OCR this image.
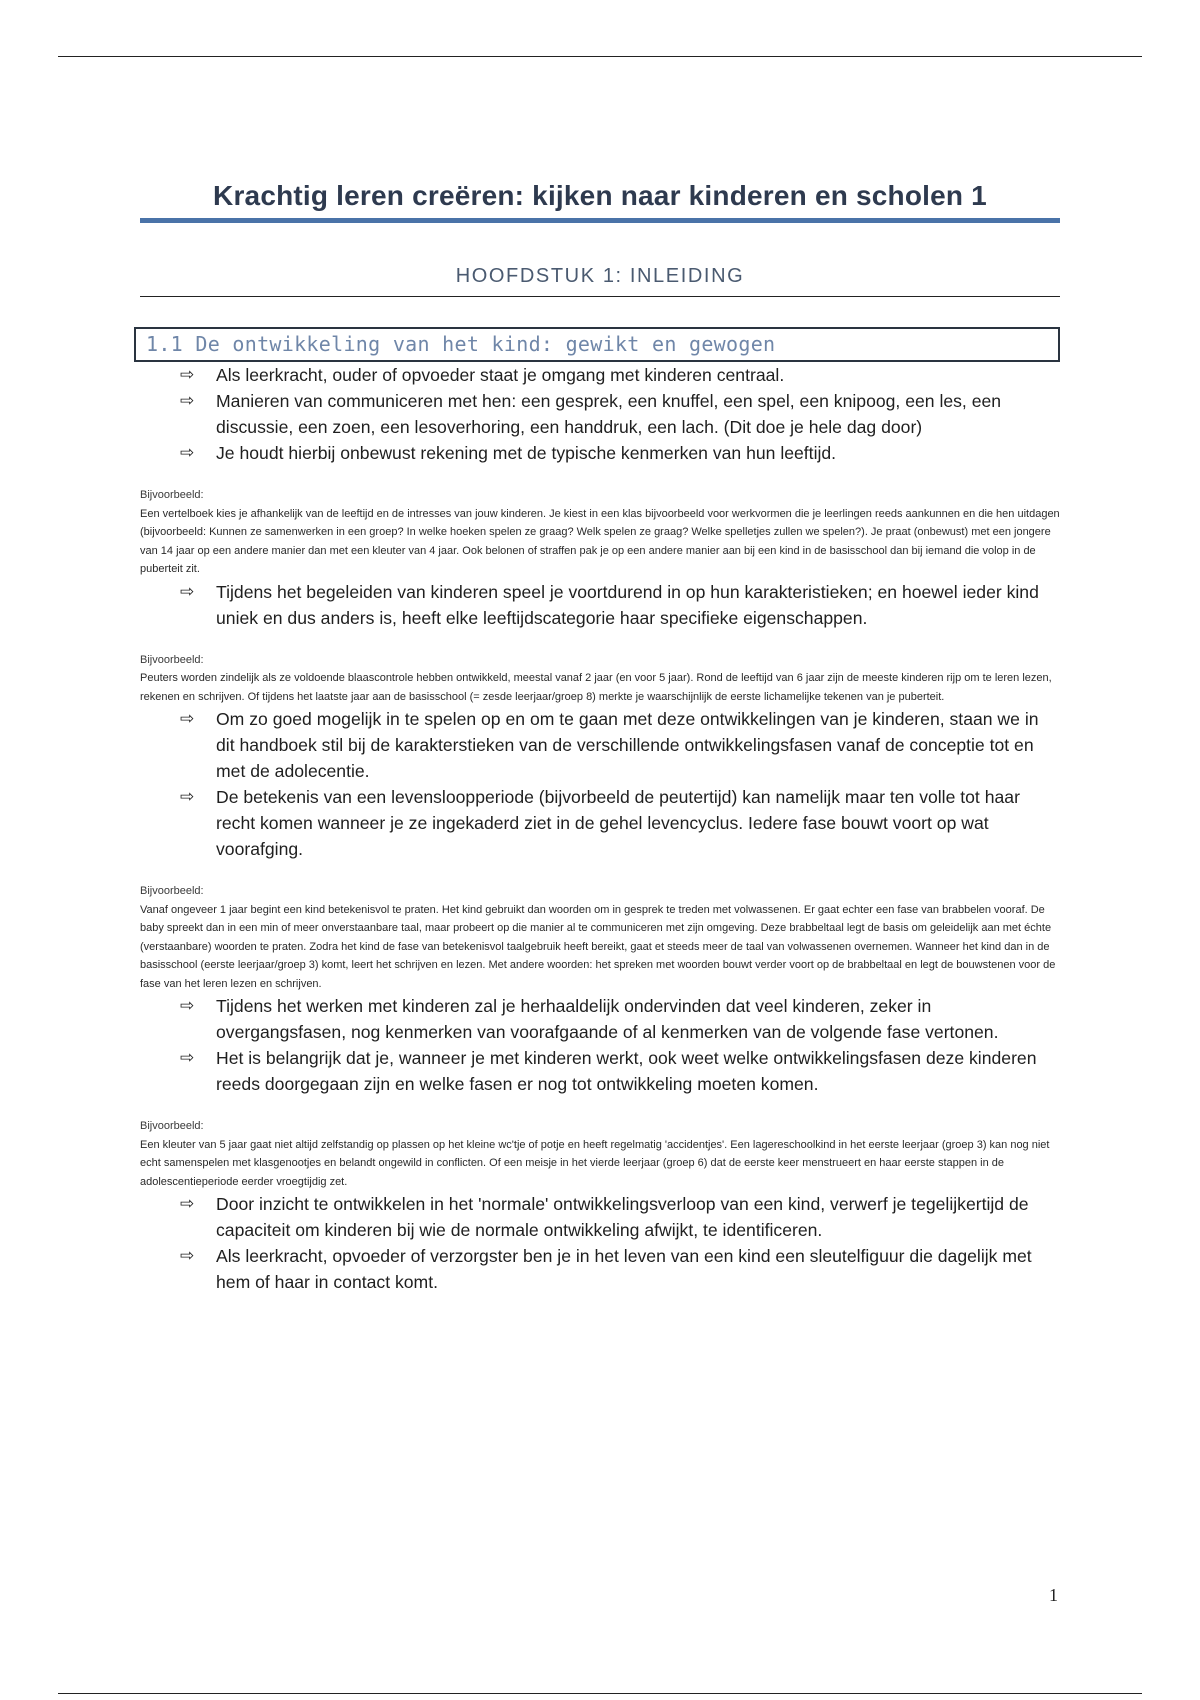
Krachtig leren creëren: kijken naar kinderen en scholen 1
HOOFDSTUK 1: INLEIDING
1.1 De ontwikkeling van het kind: gewikt en gewogen
⇨ Als leerkracht, ouder of opvoeder staat je omgang met kinderen centraal.
⇨ Manieren van communiceren met hen: een gesprek, een knuffel, een spel, een knipoog, een les, een discussie, een zoen, een lesoverhoring, een handdruk, een lach. (Dit doe je hele dag door)
⇨ Je houdt hierbij onbewust rekening met de typische kenmerken van hun leeftijd.
Bijvoorbeeld:
Een vertelboek kies je afhankelijk van de leeftijd en de intresses van jouw kinderen. Je kiest in een klas bijvoorbeeld voor werkvormen die je leerlingen reeds aankunnen en die hen uitdagen (bijvoorbeeld: Kunnen ze samenwerken in een groep? In welke hoeken spelen ze graag? Welk spelen ze graag? Welke spelletjes zullen we spelen?). Je praat (onbewust) met een jongere van 14 jaar op een andere manier dan met een kleuter van 4 jaar. Ook belonen of straffen pak je op een andere manier aan bij een kind in de basisschool dan bij iemand die volop in de puberteit zit.
⇨ Tijdens het begeleiden van kinderen speel je voortdurend in op hun karakteristieken; en hoewel ieder kind uniek en dus anders is, heeft elke leeftijdscategorie haar specifieke eigenschappen.
Bijvoorbeeld:
Peuters worden zindelijk als ze voldoende blaascontrole hebben ontwikkeld, meestal vanaf 2 jaar (en voor 5 jaar). Rond de leeftijd van 6 jaar zijn de meeste kinderen rijp om te leren lezen, rekenen en schrijven. Of tijdens het laatste jaar aan de basisschool (= zesde leerjaar/groep 8) merkte je waarschijnlijk de eerste lichamelijke tekenen van je puberteit.
⇨ Om zo goed mogelijk in te spelen op en om te gaan met deze ontwikkelingen van je kinderen, staan we in dit handboek stil bij de karakterstieken van de verschillende ontwikkelingsfasen vanaf de conceptie tot en met de adolecentie.
⇨ De betekenis van een levensloopperiode (bijvorbeeld de peutertijd) kan namelijk maar ten volle tot haar recht komen wanneer je ze ingekaderd ziet in de gehel levencyclus. Iedere fase bouwt voort op wat voorafging.
Bijvoorbeeld:
Vanaf ongeveer 1 jaar begint een kind betekenisvol te praten. Het kind gebruikt dan woorden om in gesprek te treden met volwassenen. Er gaat echter een fase van brabbelen vooraf. De baby spreekt dan in een min of meer onverstaanbare taal, maar probeert op die manier al te communiceren met zijn omgeving. Deze brabbeltaal legt de basis om geleidelijk aan met échte (verstaanbare) woorden te praten. Zodra het kind de fase van betekenisvol taalgebruik heeft bereikt, gaat et steeds meer de taal van volwassenen overnemen. Wanneer het kind dan in de basisschool (eerste leerjaar/groep 3) komt, leert het schrijven en lezen. Met andere woorden: het spreken met woorden bouwt verder voort op de brabbeltaal en legt de bouwstenen voor de fase van het leren lezen en schrijven.
⇨ Tijdens het werken met kinderen zal je herhaaldelijk ondervinden dat veel kinderen, zeker in overgangsfasen, nog kenmerken van voorafgaande of al kenmerken van de volgende fase vertonen.
⇨ Het is belangrijk dat je, wanneer je met kinderen werkt, ook weet welke ontwikkelingsfasen deze kinderen reeds doorgegaan zijn en welke fasen er nog tot ontwikkeling moeten komen.
Bijvoorbeeld:
Een kleuter van 5 jaar gaat niet altijd zelfstandig op plassen op het kleine wc'tje of potje en heeft regelmatig 'accidentjes'. Een lagereschoolkind in het eerste leerjaar (groep 3) kan nog niet echt samenspelen met klasgenootjes en belandt ongewild in conflicten. Of een meisje in het vierde leerjaar (groep 6) dat de eerste keer menstrueert en haar eerste stappen in de adolescentieperiode eerder vroegtijdig zet.
⇨ Door inzicht te ontwikkelen in het 'normale' ontwikkelingsverloop van een kind, verwerf je tegelijkertijd de capaciteit om kinderen bij wie de normale ontwikkeling afwijkt, te identificeren.
⇨ Als leerkracht, opvoeder of verzorgster ben je in het leven van een kind een sleutelfiguur die dagelijk met hem of haar in contact komt.
1
